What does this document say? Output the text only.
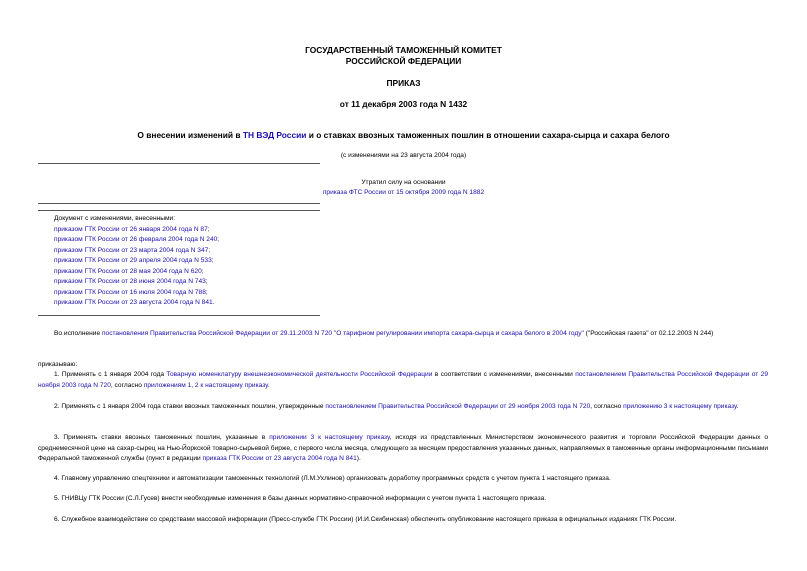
ГОСУДАРСТВЕННЫЙ ТАМОЖЕННЫЙ КОМИТЕТ
РОССИЙСКОЙ ФЕДЕРАЦИИ
ПРИКАЗ
от 11 декабря 2003 года N 1432
О внесении изменений в ТН ВЭД России и о ставках ввозных таможенных пошлин в отношении сахара-сырца и сахара белого
(с изменениями на 23 августа 2004 года)
Утратил силу на основании
приказа ФТС России от 15 октября 2009 года N 1882
Документ с изменениями, внесенными:
приказом ГТК России от 26 января 2004 года N 87;
приказом ГТК России от 26 февраля 2004 года N 240;
приказом ГТК России от 23 марта 2004 года N 347;
приказом ГТК России от 29 апреля 2004 года N 533;
приказом ГТК России от 28 мая 2004 года N 620;
приказом ГТК России от 28 июня 2004 года N 743;
приказом ГТК России от 16 июля 2004 года N 788;
приказом ГТК России от 23 августа 2004 года N 841.
Во исполнение постановления Правительства Российской Федерации от 29.11.2003 N 720 "О тарифном регулировании импорта сахара-сырца и сахара белого в 2004 году" ("Российская газета" от 02.12.2003 N 244)
приказываю:
1. Применять с 1 января 2004 года Товарную номенклатуру внешнеэкономической деятельности Российской Федерации в соответствии с изменениями, внесенными постановлением Правительства Российской Федерации от 29 ноября 2003 года N 720, согласно приложениям 1, 2 к настоящему приказу.
2. Применять с 1 января 2004 года ставки ввозных таможенных пошлин, утвержденные постановлением Правительства Российской Федерации от 29 ноября 2003 года N 720, согласно приложению 3 к настоящему приказу.
3. Применять ставки ввозных таможенных пошлин, указанные в приложении 3 к настоящему приказу, исходя из представленных Министерством экономического развития и торговли Российской Федерации данных о среднемесячной цене на сахар-сырец на Нью-Йоркской товарно-сырьевой бирже, с первого числа месяца, следующего за месяцем предоставления указанных данных, направляемых в таможенные органы информационными письмами Федеральной таможенной службы (пункт в редакции приказа ГТК России от 23 августа 2004 года N 841).
4. Главному управлению спецтехники и автоматизации таможенных технологий (Л.М.Ухлинов) организовать доработку программных средств с учетом пункта 1 настоящего приказа.
5. ГНИВЦу ГТК России (С.Л.Гусев) внести необходимые изменения в базы данных нормативно-справочной информации с учетом пункта 1 настоящего приказа.
6. Служебное взаимодействие со средствами массовой информации (Пресс-службе ГТК России) (И.И.Скибинская) обеспечить опубликование настоящего приказа в официальных изданиях ГТК России.
